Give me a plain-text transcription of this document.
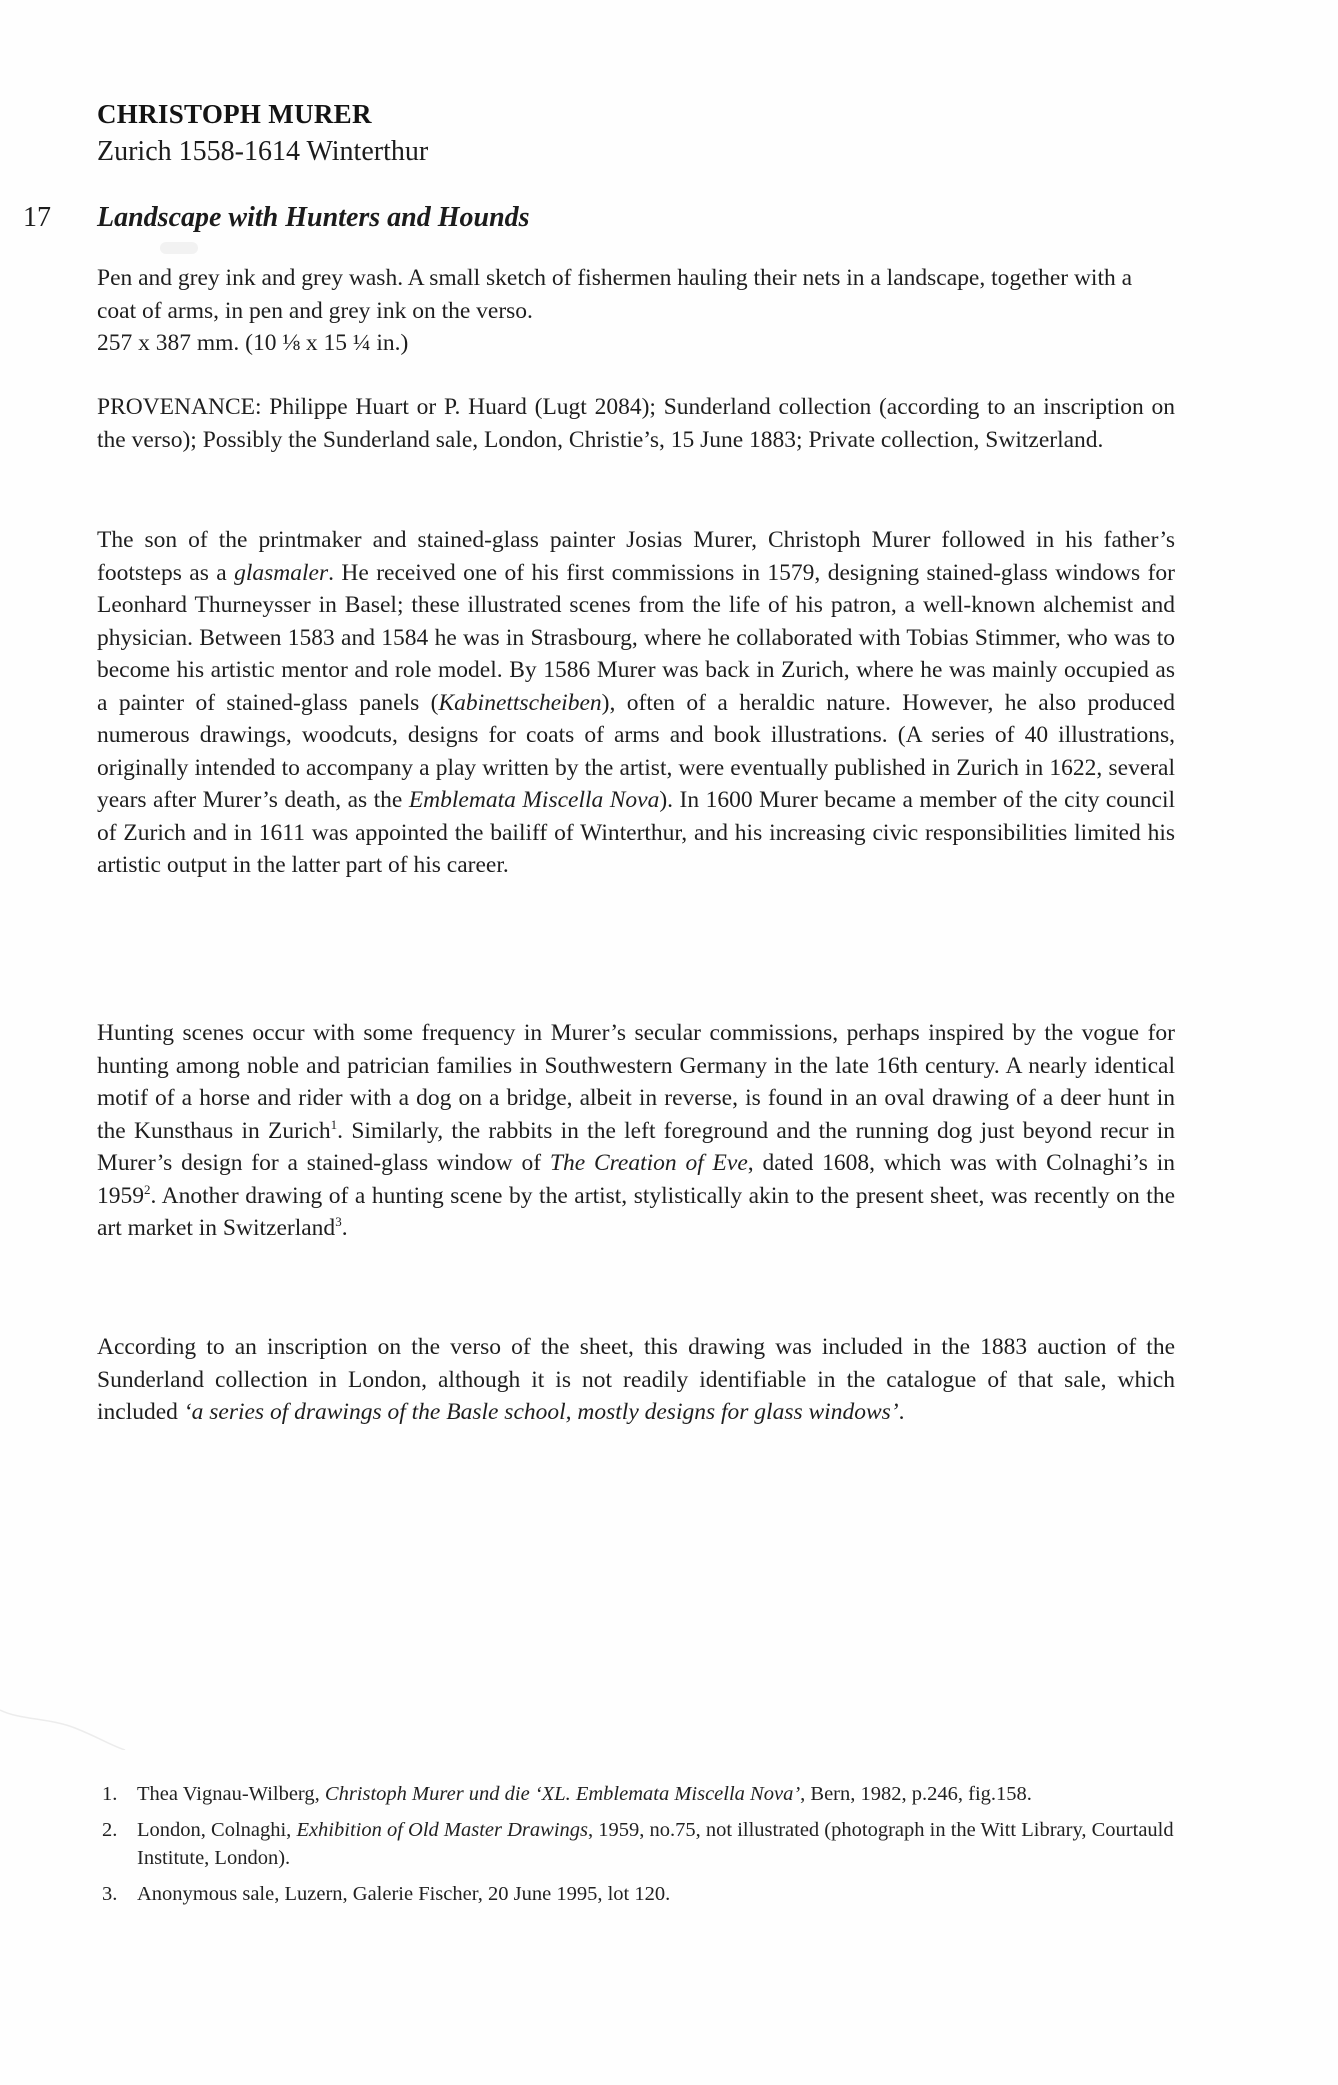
CHRISTOPH MURER
Zurich 1558-1614 Winterthur
17 Landscape with Hunters and Hounds

Pen and grey ink and grey wash. A small sketch of fishermen hauling their nets in a landscape, together with a coat of arms, in pen and grey ink on the verso.

257 x 387 mm. (10 ⅛ x 15 ¼ in.)

PROVENANCE: Philippe Huart or P. Huard (Lugt 2084); Sunderland collection (according to an inscription on the verso); Possibly the Sunderland sale, London, Christie’s, 15 June 1883; Private collection, Switzerland.

The son of the printmaker and stained-glass painter Josias Murer, Christoph Murer followed in his father’s footsteps as a glasmaler. He received one of his first commissions in 1579, designing stained-glass windows for Leonhard Thurneysser in Basel; these illustrated scenes from the life of his patron, a well-known alchemist and physician. Between 1583 and 1584 he was in Strasbourg, where he collaborated with Tobias Stimmer, who was to become his artistic mentor and role model. By 1586 Murer was back in Zurich, where he was mainly occupied as a painter of stained-glass panels (Kabinettscheiben), often of a heraldic nature. However, he also produced numerous drawings, woodcuts, designs for coats of arms and book illustrations. (A series of 40 illustrations, originally intended to accompany a play written by the artist, were eventually published in Zurich in 1622, several years after Murer’s death, as the Emblemata Miscella Nova). In 1600 Murer became a member of the city council of Zurich and in 1611 was appointed the bailiff of Winterthur, and his increasing civic responsibilities limited his artistic output in the latter part of his career.

Hunting scenes occur with some frequency in Murer’s secular commissions, perhaps inspired by the vogue for hunting among noble and patrician families in Southwestern Germany in the late 16th century. A nearly identical motif of a horse and rider with a dog on a bridge, albeit in reverse, is found in an oval drawing of a deer hunt in the Kunsthaus in Zurich$^1$. Similarly, the rabbits in the left foreground and the running dog just beyond recur in Murer’s design for a stained-glass window of The Creation of Eve, dated 1608, which was with Colnaghi’s in 1959$^2$. Another drawing of a hunting scene by the artist, stylistically akin to the present sheet, was recently on the art market in Switzerland$^3$.

According to an inscription on the verso of the sheet, this drawing was included in the 1883 auction of the Sunderland collection in London, although it is not readily identifiable in the catalogue of that sale, which included ‘a series of drawings of the Basle school, mostly designs for glass windows’.

1. Thea Vignau-Wilberg, Christoph Murer und die ‘XL. Emblemata Miscella Nova’, Bern, 1982, p.246, fig.158.
2. London, Colnaghi, Exhibition of Old Master Drawings, 1959, no.75, not illustrated (photograph in the Witt Library, Courtauld Institute, London).
3. Anonymous sale, Luzern, Galerie Fischer, 20 June 1995, lot 120.
